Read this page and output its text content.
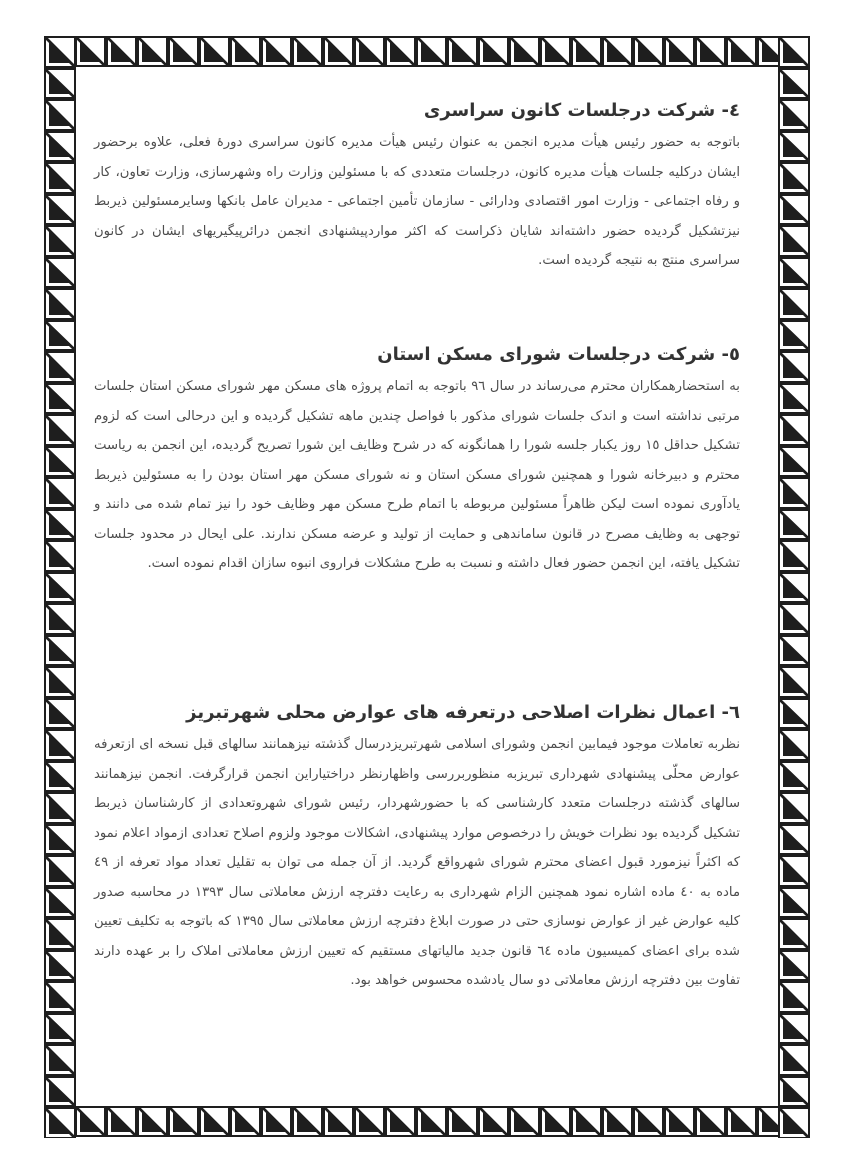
٤- شرکت درجلسات کانون سراسری

باتوجه به حضور رئیس هیأت مدیره انجمن به عنوان رئیس هیأت مدیره کانون سراسری دورهٔ فعلی، علاوه برحضور ایشان درکلیه جلسات هیأت مدیره کانون، درجلسات متعددی که با مسئولین وزارت راه وشهرسازی، وزارت تعاون، کار و رفاه اجتماعی - وزارت امور اقتصادی ودارائی - سازمان تأمین اجتماعی - مدیران عامل بانکها وسایرمسئولین ذیربط نیزتشکیل گردیده حضور داشته‌اند شایان ذکراست که اکثر مواردپیشنهادی انجمن درائرپیگیریهای ایشان در کانون سراسری منتج به نتیجه گردیده است.

٥- شرکت درجلسات شورای مسکن استان

به استحضارهمکاران محترم می‌رساند در سال ٩٦ باتوجه به اتمام پروژه های مسکن مهر شورای مسکن استان جلسات مرتبی نداشته است و اندک جلسات شورای مذکور با فواصل چندین ماهه تشکیل گردیده و این درحالی است که لزوم تشکیل حداقل ١٥ روز یکبار جلسه شورا را همانگونه که در شرح وظایف این شورا تصریح گردیده، این انجمن به ریاست محترم و دبیرخانه شورا و همچنین شورای مسکن استان و نه شورای مسکن مهر استان بودن را به مسئولین ذیربط یادآوری نموده است لیکن ظاهراً مسئولین مربوطه با اتمام طرح مسکن مهر وظایف خود را نیز تمام شده می دانند و توجهی به وظایف مصرح در قانون ساماندهی و حمایت از تولید و عرضه مسکن ندارند. علی ایحال در محدود جلسات تشکیل یافته، این انجمن حضور فعال داشته و نسبت به طرح مشکلات فراروی انبوه سازان اقدام نموده است.

٦- اعمال نظرات اصلاحی درتعرفه های عوارض محلی شهرتبریز

نظربه تعاملات موجود فیمابین انجمن وشورای اسلامی شهرتبریزدرسال گذشته نیزهمانند سالهای قبل نسخه ای ازتعرفه عوارض محلّی پیشنهادی شهرداری تبریزبه منظوربررسی واظهارنظر دراختیاراین انجمن قرارگرفت. انجمن نیزهمانند سالهای گذشته درجلسات متعدد کارشناسی که با حضورشهردار، رئیس شورای شهروتعدادی از کارشناسان ذیربط تشکیل گردیده بود نظرات خویش را درخصوص موارد پیشنهادی، اشکالات موجود ولزوم اصلاح تعدادی ازمواد اعلام نمود که اکثراً نیزمورد قبول اعضای محترم شورای شهرواقع گردید. از آن جمله می توان به تقلیل تعداد مواد تعرفه از ٤٩ ماده به ٤٠ ماده اشاره نمود همچنین الزام شهرداری به رعایت دفترچه ارزش معاملاتی سال ١٣٩٣ در محاسبه صدور کلیه عوارض غیر از عوارض نوسازی حتی در صورت ابلاغ دفترچه ارزش معاملاتی سال ١٣٩٥ که باتوجه به تکلیف تعیین شده برای اعضای کمیسیون ماده ٦٤ قانون جدید مالیاتهای مستقیم که تعیین ارزش معاملاتی املاک را بر عهده دارند تفاوت بین دفترچه ارزش معاملاتی دو سال یادشده محسوس خواهد بود.
